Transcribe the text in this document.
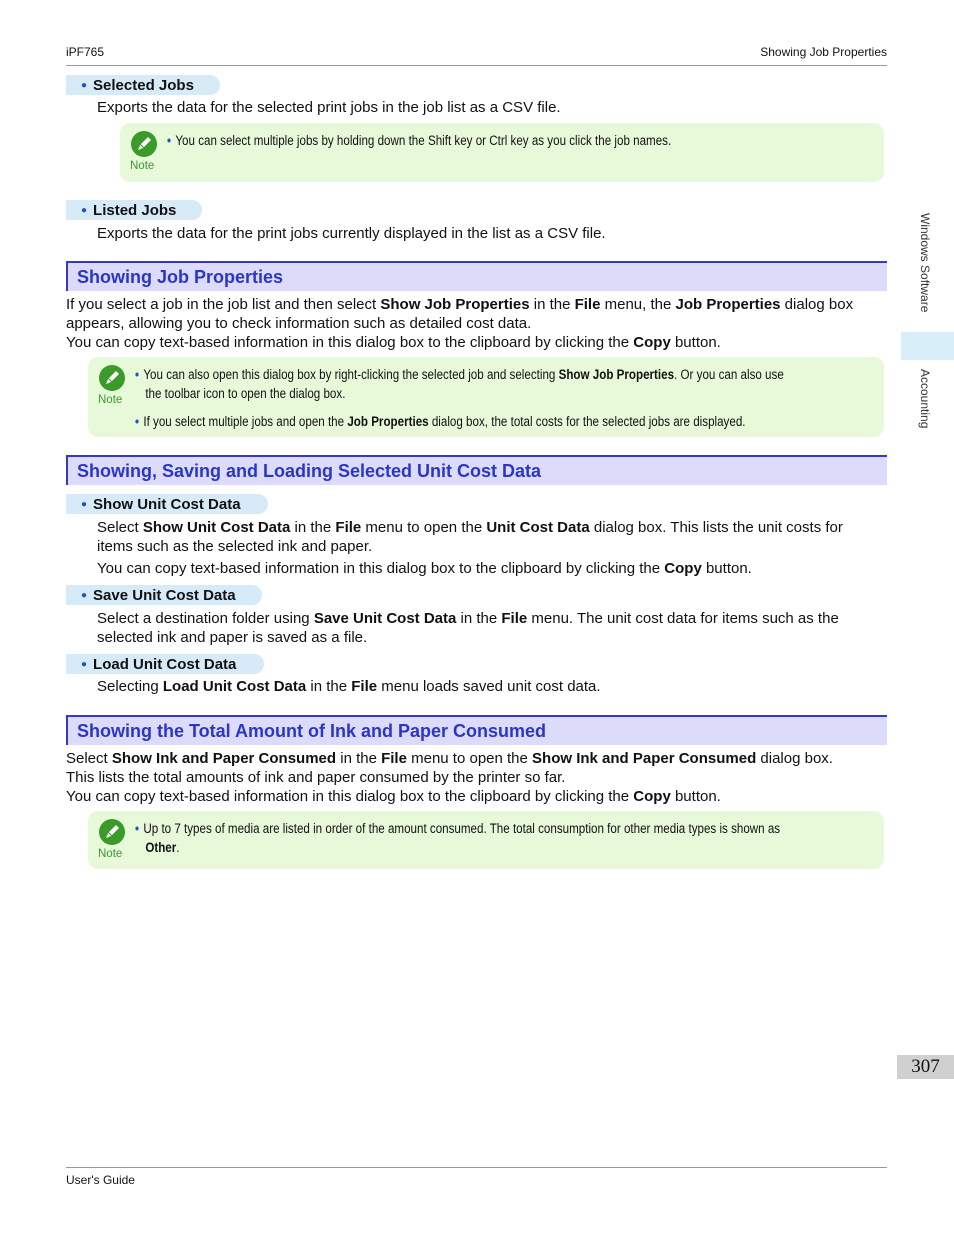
iPF765	Showing Job Properties
Windows Software
Accounting
● Selected Jobs
Exports the data for the selected print jobs in the job list as a CSV file.
Note
• You can select multiple jobs by holding down the Shift key or Ctrl key as you click the job names.
● Listed Jobs
Exports the data for the print jobs currently displayed in the list as a CSV file.
Showing Job Properties
If you select a job in the job list and then select Show Job Properties in the File menu, the Job Properties dialog box
appears, allowing you to check information such as detailed cost data.
You can copy text-based information in this dialog box to the clipboard by clicking the Copy button.
Note
• You can also open this dialog box by right-clicking the selected job and selecting Show Job Properties. Or you can also use
the toolbar icon to open the dialog box.
• If you select multiple jobs and open the Job Properties dialog box, the total costs for the selected jobs are displayed.
Showing, Saving and Loading Selected Unit Cost Data
● Show Unit Cost Data
Select Show Unit Cost Data in the File menu to open the Unit Cost Data dialog box. This lists the unit costs for
items such as the selected ink and paper.
You can copy text-based information in this dialog box to the clipboard by clicking the Copy button.
● Save Unit Cost Data
Select a destination folder using Save Unit Cost Data in the File menu. The unit cost data for items such as the
selected ink and paper is saved as a file.
● Load Unit Cost Data
Selecting Load Unit Cost Data in the File menu loads saved unit cost data.
Showing the Total Amount of Ink and Paper Consumed
Select Show Ink and Paper Consumed in the File menu to open the Show Ink and Paper Consumed dialog box.
This lists the total amounts of ink and paper consumed by the printer so far.
You can copy text-based information in this dialog box to the clipboard by clicking the Copy button.
Note
• Up to 7 types of media are listed in order of the amount consumed. The total consumption for other media types is shown as
Other.
307
User's Guide
